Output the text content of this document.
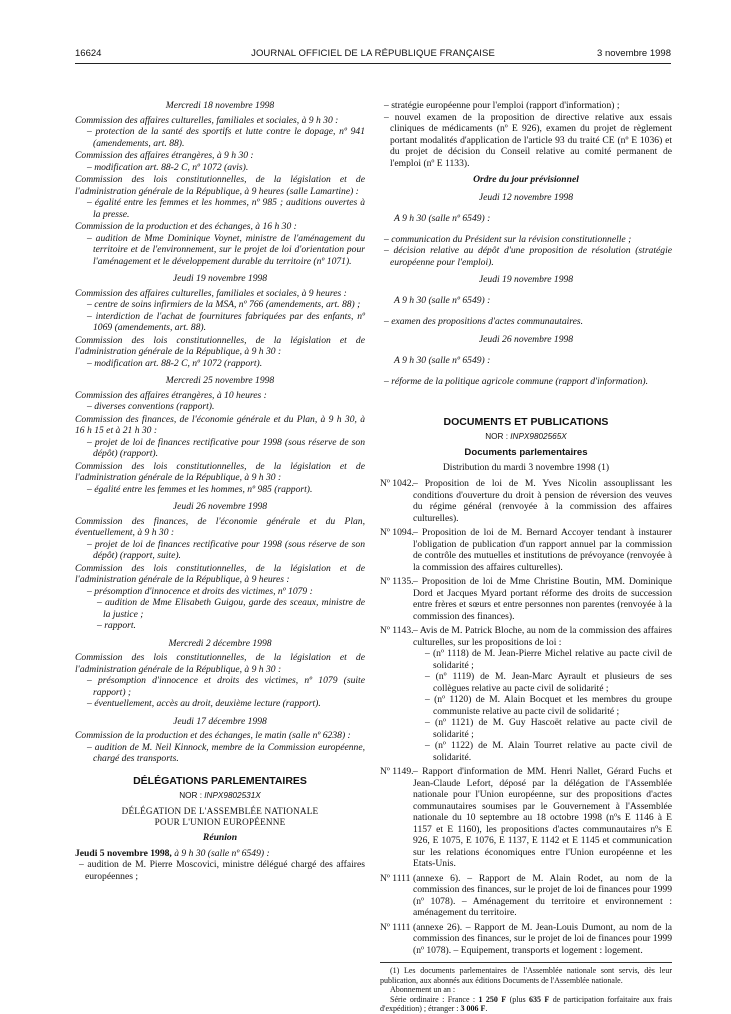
16624	JOURNAL OFFICIEL DE LA RÉPUBLIQUE FRANÇAISE	3 novembre 1998
Mercredi 18 novembre 1998

Commission des affaires culturelles, familiales et sociales, à 9 h 30 :

– protection de la santé des sportifs et lutte contre le dopage, nº 941 (amendements, art. 88).

Commission des affaires étrangères, à 9 h 30 :

– modification art. 88-2 C, nº 1072 (avis).

Commission des lois constitutionnelles, de la législation et de l'administration générale de la République, à 9 heures (salle Lamartine) :

– égalité entre les femmes et les hommes, nº 985 ; auditions ouvertes à la presse.

Commission de la production et des échanges, à 16 h 30 :

– audition de Mme Dominique Voynet, ministre de l'aménagement du territoire et de l'environnement, sur le projet de loi d'orientation pour l'aménagement et le développement durable du territoire (nº 1071).

Jeudi 19 novembre 1998

Commission des affaires culturelles, familiales et sociales, à 9 heures :

– centre de soins infirmiers de la MSA, nº 766 (amendements, art. 88) ;

– interdiction de l'achat de fournitures fabriquées par des enfants, nº 1069 (amendements, art. 88).

Commission des lois constitutionnelles, de la législation et de l'administration générale de la République, à 9 h 30 :

– modification art. 88-2 C, nº 1072 (rapport).

Mercredi 25 novembre 1998

Commission des affaires étrangères, à 10 heures :

– diverses conventions (rapport).

Commission des finances, de l'économie générale et du Plan, à 9 h 30, à 16 h 15 et à 21 h 30 :

– projet de loi de finances rectificative pour 1998 (sous réserve de son dépôt) (rapport).

Commission des lois constitutionnelles, de la législation et de l'administration générale de la République, à 9 h 30 :

– égalité entre les femmes et les hommes, nº 985 (rapport).

Jeudi 26 novembre 1998

Commission des finances, de l'économie générale et du Plan, éventuellement, à 9 h 30 :

– projet de loi de finances rectificative pour 1998 (sous réserve de son dépôt) (rapport, suite).

Commission des lois constitutionnelles, de la législation et de l'administration générale de la République, à 9 heures :

– présomption d'innocence et droits des victimes, nº 1079 :

– audition de Mme Elisabeth Guigou, garde des sceaux, ministre de la justice ;

– rapport.

Mercredi 2 décembre 1998

Commission des lois constitutionnelles, de la législation et de l'administration générale de la République, à 9 h 30 :

– présomption d'innocence et droits des victimes, nº 1079 (suite rapport) ;

– éventuellement, accès au droit, deuxième lecture (rapport).

Jeudi 17 décembre 1998

Commission de la production et des échanges, le matin (salle nº 6238) :

– audition de M. Neil Kinnock, membre de la Commission européenne, chargé des transports.

DÉLÉGATIONS PARLEMENTAIRES
NOR : INPX9802531X
DÉLÉGATION DE L'ASSEMBLÉE NATIONALE
POUR L'UNION EUROPÉENNE
Réunion

Jeudi 5 novembre 1998, à 9 h 30 (salle nº 6549) :

– audition de M. Pierre Moscovici, ministre délégué chargé des affaires européennes ;

– stratégie européenne pour l'emploi (rapport d'information) ;

– nouvel examen de la proposition de directive relative aux essais cliniques de médicaments (nº E 926), examen du projet de règlement portant modalités d'application de l'article 93 du traité CE (nº E 1036) et du projet de décision du Conseil relative au comité permanent de l'emploi (nº E 1133).

Ordre du jour prévisionnel
Jeudi 12 novembre 1998

A 9 h 30 (salle nº 6549) :

– communication du Président sur la révision constitutionnelle ;

– décision relative au dépôt d'une proposition de résolution (stratégie européenne pour l'emploi).

Jeudi 19 novembre 1998

A 9 h 30 (salle nº 6549) :

– examen des propositions d'actes communautaires.

Jeudi 26 novembre 1998

A 9 h 30 (salle nº 6549) :

– réforme de la politique agricole commune (rapport d'information).

DOCUMENTS ET PUBLICATIONS
NOR : INPX9802565X
Documents parlementaires
Distribution du mardi 3 novembre 1998 (1)
Nº 1042. – Proposition de loi de M. Yves Nicolin assouplissant les conditions d'ouverture du droit à pension de réversion des veuves du régime général (renvoyée à la commission des affaires culturelles).
Nº 1094. – Proposition de loi de M. Bernard Accoyer tendant à instaurer l'obligation de publication d'un rapport annuel par la commission de contrôle des mutuelles et institutions de prévoyance (renvoyée à la commission des affaires culturelles).
Nº 1135. – Proposition de loi de Mme Christine Boutin, MM. Dominique Dord et Jacques Myard portant réforme des droits de succession entre frères et sœurs et entre personnes non parentes (renvoyée à la commission des finances).
Nº 1143. – Avis de M. Patrick Bloche, au nom de la commission des affaires culturelles, sur les propositions de loi :

– (nº 1118) de M. Jean-Pierre Michel relative au pacte civil de solidarité ;

– (nº 1119) de M. Jean-Marc Ayrault et plusieurs de ses collègues relative au pacte civil de solidarité ;

– (nº 1120) de M. Alain Bocquet et les membres du groupe communiste relative au pacte civil de solidarité ;

– (nº 1121) de M. Guy Hascoët relative au pacte civil de solidarité ;

– (nº 1122) de M. Alain Tourret relative au pacte civil de solidarité.

Nº 1149. – Rapport d'information de MM. Henri Nallet, Gérard Fuchs et Jean-Claude Lefort, déposé par la délégation de l'Assemblée nationale pour l'Union européenne, sur des propositions d'actes communautaires soumises par le Gouvernement à l'Assemblée nationale du 10 septembre au 18 octobre 1998 (nºs E 1146 à E 1157 et E 1160), les propositions d'actes communautaires nºs E 926, E 1075, E 1076, E 1137, E 1142 et E 1145 et communication sur les relations économiques entre l'Union européenne et les Etats-Unis.
Nº 1111 (annexe 6). – Rapport de M. Alain Rodet, au nom de la commission des finances, sur le projet de loi de finances pour 1999 (nº 1078). – Aménagement du territoire et environnement : aménagement du territoire.
Nº 1111 (annexe 26). – Rapport de M. Jean-Louis Dumont, au nom de la commission des finances, sur le projet de loi de finances pour 1999 (nº 1078). – Equipement, transports et logement : logement.

(1) Les documents parlementaires de l'Assemblée nationale sont servis, dès leur publication, aux abonnés aux éditions Documents de l'Assemblée nationale.

Abonnement un an :

Série ordinaire : France : 1 250 F (plus 635 F de participation forfaitaire aux frais d'expédition) ; étranger : 3 006 F.
